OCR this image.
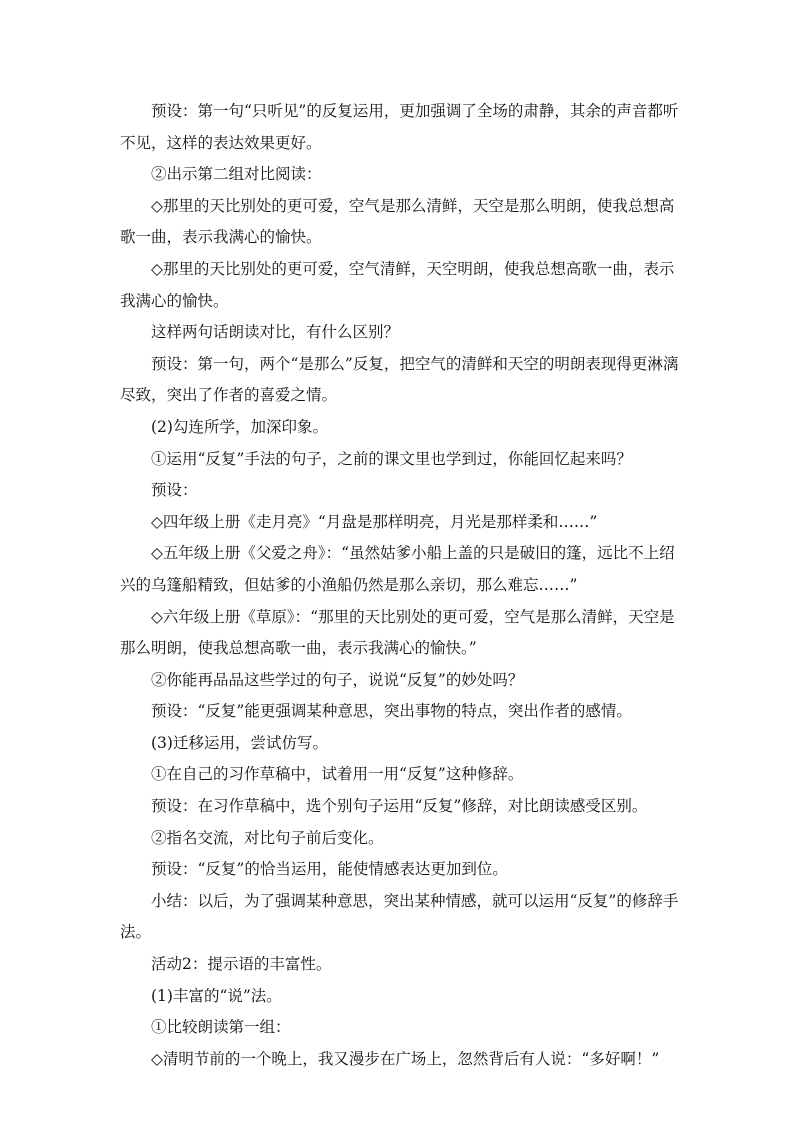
预设：第一句“只听见”的反复运用，更加强调了全场的肃静，其余的声音都听不见，这样的表达效果更好。

②出示第二组对比阅读：

◇那里的天比别处的更可爱，空气是那么清鲜，天空是那么明朗，使我总想高歌一曲，表示我满心的愉快。

◇那里的天比别处的更可爱，空气清鲜，天空明朗，使我总想高歌一曲，表示我满心的愉快。

这样两句话朗读对比，有什么区别？

预设：第一句，两个“是那么”反复，把空气的清鲜和天空的明朗表现得更淋漓尽致，突出了作者的喜爱之情。

(2)勾连所学，加深印象。

①运用“反复”手法的句子，之前的课文里也学到过，你能回忆起来吗？

预设：

◇四年级上册《走月亮》“月盘是那样明亮，月光是那样柔和……”

◇五年级上册《父爱之舟》：“虽然姑爹小船上盖的只是破旧的篷，远比不上绍兴的乌篷船精致，但姑爹的小渔船仍然是那么亲切，那么难忘……”

◇六年级上册《草原》：“那里的天比别处的更可爱，空气是那么清鲜，天空是那么明朗，使我总想高歌一曲，表示我满心的愉快。”

②你能再品品这些学过的句子，说说“反复”的妙处吗？

预设：“反复”能更强调某种意思，突出事物的特点，突出作者的感情。

(3)迁移运用，尝试仿写。

①在自己的习作草稿中，试着用一用“反复”这种修辞。

预设：在习作草稿中，选个别句子运用“反复”修辞，对比朗读感受区别。

②指名交流，对比句子前后变化。

预设：“反复”的恰当运用，能使情感表达更加到位。

小结：以后，为了强调某种意思，突出某种情感，就可以运用“反复”的修辞手法。

活动2：提示语的丰富性。

(1)丰富的“说”法。

①比较朗读第一组：

◇清明节前的一个晚上，我又漫步在广场上，忽然背后有人说：“多好啊！”
